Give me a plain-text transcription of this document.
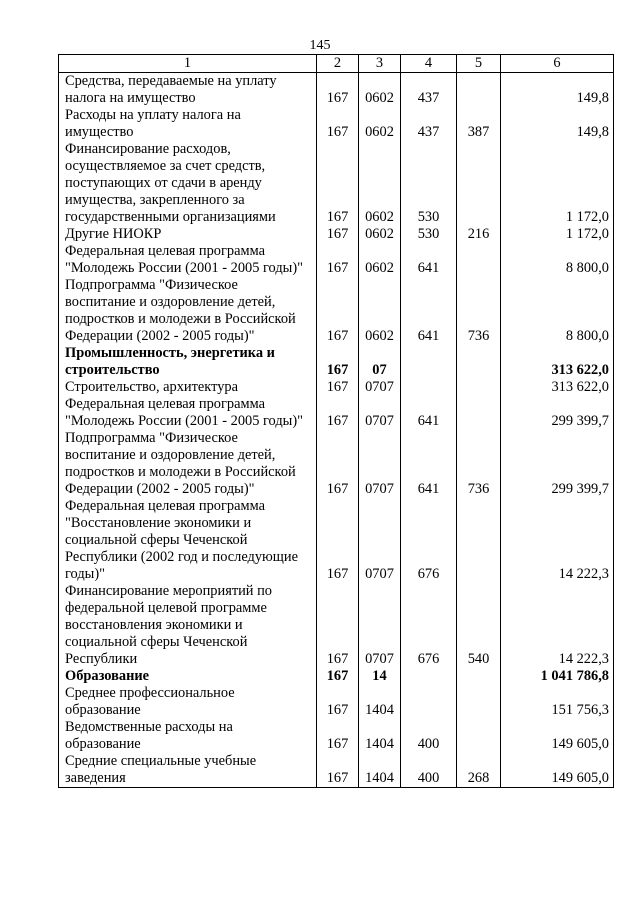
145
1	2	3	4	5	6

Средства, передаваемые на уплату
налога на имущество	167	0602	437		149,8

Расходы на уплату налога на
имущество	167	0602	437	387	149,8

Финансирование расходов,
осуществляемое за счет средств,
поступающих от сдачи в аренду
имущества, закрепленного за
государственными организациями	167	0602	530		1 172,0

Другие НИОКР	167	0602	530	216	1 172,0

Федеральная целевая программа
"Молодежь России (2001 - 2005 годы)"	167	0602	641		8 800,0

Подпрограмма "Физическое
воспитание и оздоровление детей,
подростков и молодежи в Российской
Федерации (2002 - 2005 годы)"	167	0602	641	736	8 800,0

Промышленность, энергетика и
строительство	167	07			313 622,0

Строительство, архитектура	167	0707			313 622,0

Федеральная целевая программа
"Молодежь России (2001 - 2005 годы)"	167	0707	641		299 399,7

Подпрограмма "Физическое
воспитание и оздоровление детей,
подростков и молодежи в Российской
Федерации (2002 - 2005 годы)"	167	0707	641	736	299 399,7

Федеральная целевая программа
"Восстановление экономики и
социальной сферы Чеченской
Республики (2002 год и последующие
годы)"	167	0707	676		14 222,3

Финансирование мероприятий по
федеральной целевой программе
восстановления экономики и
социальной сферы Чеченской
Республики	167	0707	676	540	14 222,3

Образование	167	14			1 041 786,8

Среднее профессиональное
образование	167	1404			151 756,3

Ведомственные расходы на
образование	167	1404	400		149 605,0

Средние специальные учебные
заведения	167	1404	400	268	149 605,0
